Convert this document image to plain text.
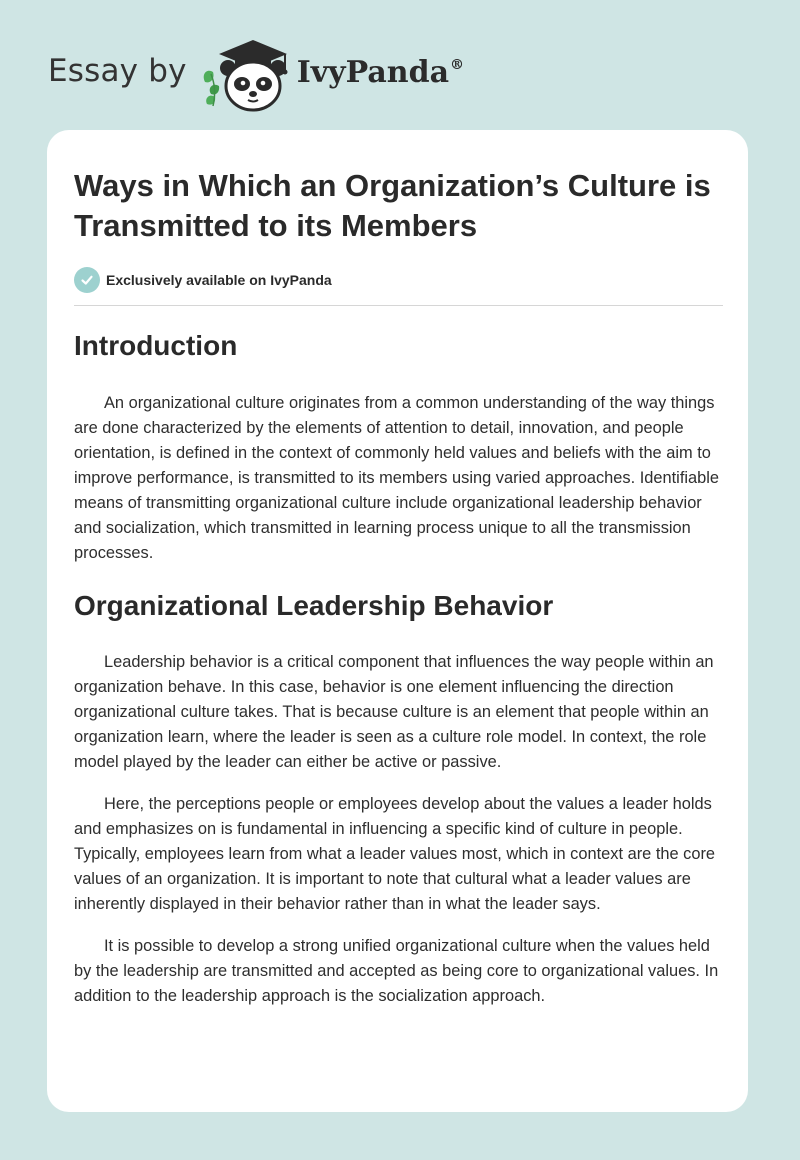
Essay by	IvyPanda®
Ways in Which an Organization’s Culture is Transmitted to its Members
Exclusively available on IvyPanda
Introduction

An organizational culture originates from a common understanding of the way things are done characterized by the elements of attention to detail, innovation, and people orientation, is defined in the context of commonly held values and beliefs with the aim to improve performance, is transmitted to its members using varied approaches. Identifiable means of transmitting organizational culture include organizational leadership behavior and socialization, which transmitted in learning process unique to all the transmission processes.

Organizational Leadership Behavior

Leadership behavior is a critical component that influences the way people within an organization behave. In this case, behavior is one element influencing the direction organizational culture takes. That is because culture is an element that people within an organization learn, where the leader is seen as a culture role model. In context, the role model played by the leader can either be active or passive.

Here, the perceptions people or employees develop about the values a leader holds and emphasizes on is fundamental in influencing a specific kind of culture in people. Typically, employees learn from what a leader values most, which in context are the core values of an organization. It is important to note that cultural what a leader values are inherently displayed in their behavior rather than in what the leader says.

It is possible to develop a strong unified organizational culture when the values held by the leadership are transmitted and accepted as being core to organizational values. In addition to the leadership approach is the socialization approach.
